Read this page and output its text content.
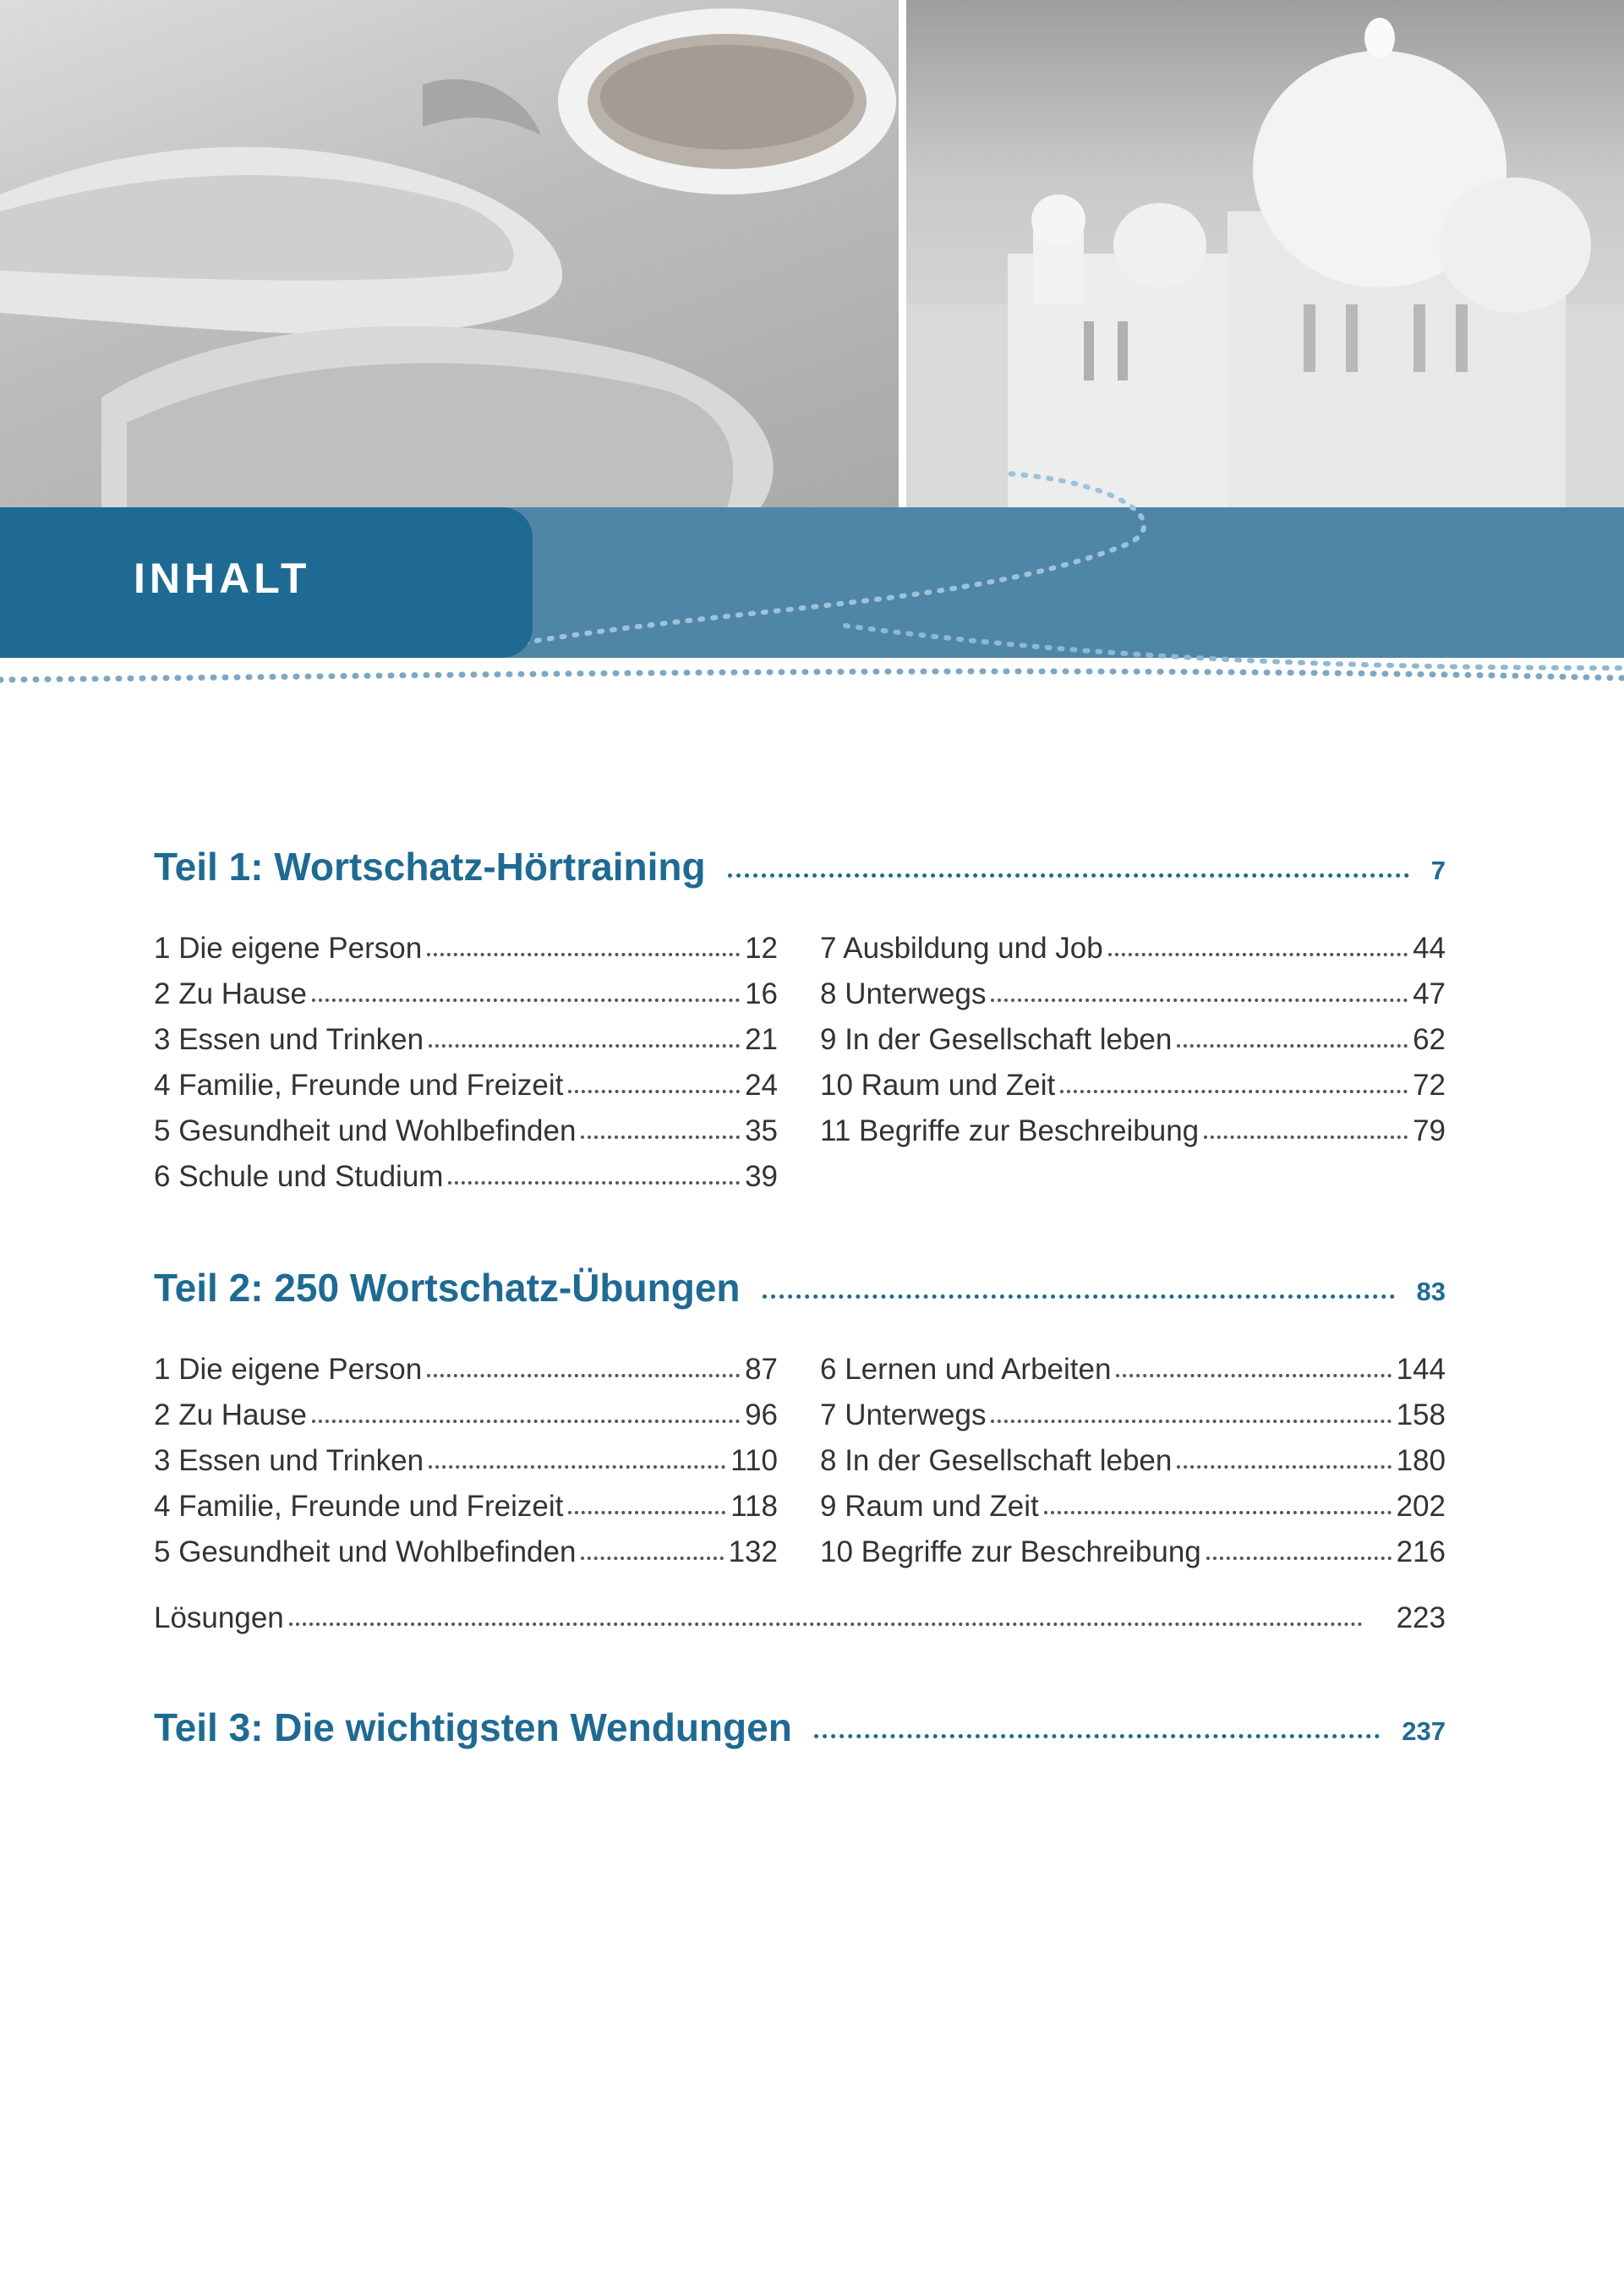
INHALT
Teil 1: Wortschatz-Hörtraining	7
1 Die eigene Person	12
2 Zu Hause	16
3 Essen und Trinken	21
4 Familie, Freunde und Freizeit	24
5 Gesundheit und Wohlbefinden	35
6 Schule und Studium	39
7 Ausbildung und Job	44
8 Unterwegs	47
9 In der Gesellschaft leben	62
10 Raum und Zeit	72
11 Begriffe zur Beschreibung	79
Teil 2: 250 Wortschatz-Übungen	83
1 Die eigene Person	87
2 Zu Hause	96
3 Essen und Trinken	110
4 Familie, Freunde und Freizeit	118
5 Gesundheit und Wohlbefinden	132
6 Lernen und Arbeiten	144
7 Unterwegs	158
8 In der Gesellschaft leben	180
9 Raum und Zeit	202
10 Begriffe zur Beschreibung	216
Lösungen	223
Teil 3: Die wichtigsten Wendungen	237
